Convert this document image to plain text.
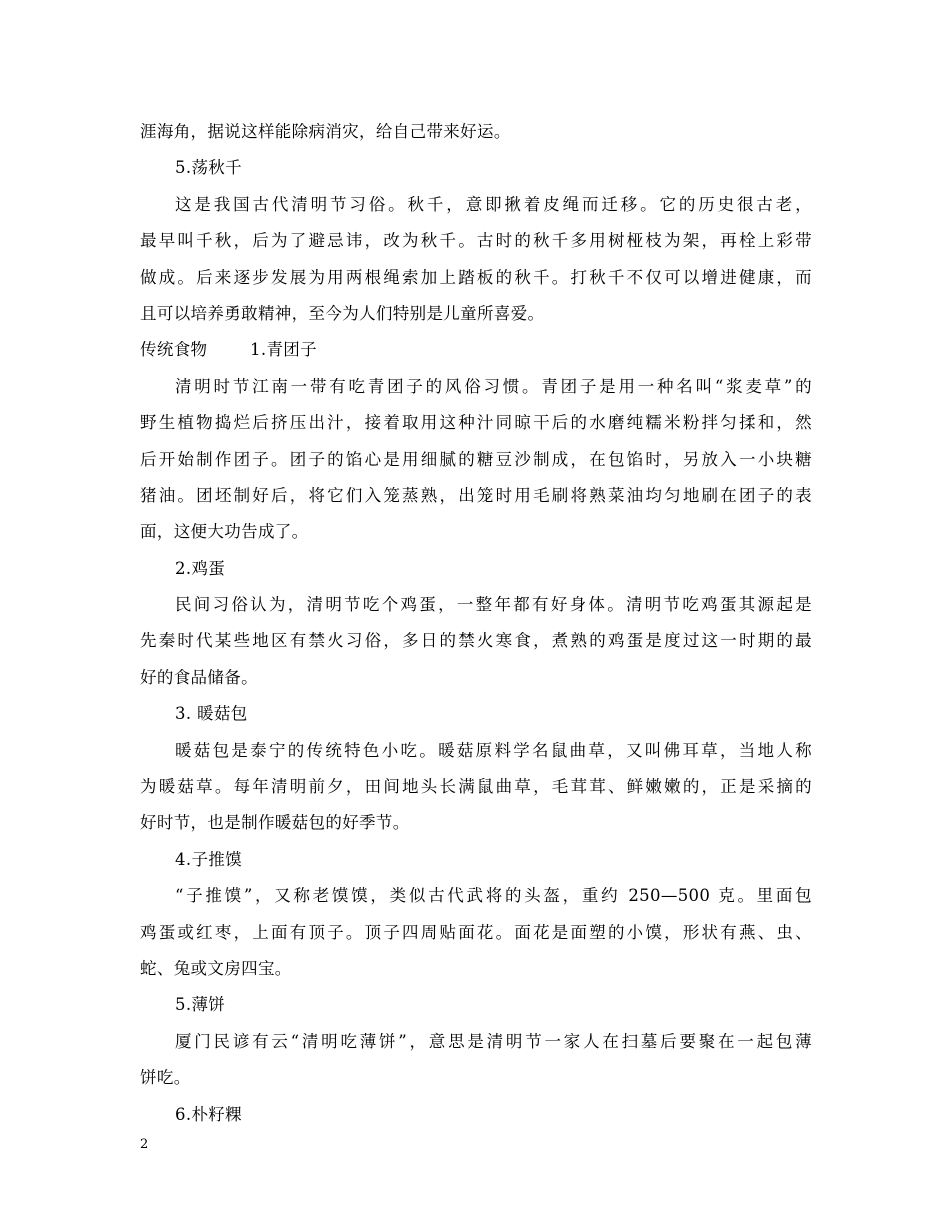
涯海角，据说这样能除病消灾，给自己带来好运。
5.荡秋千
这是我国古代清明节习俗。秋千，意即揪着皮绳而迁移。它的历史很古老，
最早叫千秋，后为了避忌讳，改为秋千。古时的秋千多用树桠枝为架，再栓上彩带
做成。后来逐步发展为用两根绳索加上踏板的秋千。打秋千不仅可以增进健康，而
且可以培养勇敢精神，至今为人们特别是儿童所喜爱。
传统食物	1.青团子
清明时节江南一带有吃青团子的风俗习惯。青团子是用一种名叫“浆麦草”的
野生植物捣烂后挤压出汁，接着取用这种汁同晾干后的水磨纯糯米粉拌匀揉和，然
后开始制作团子。团子的馅心是用细腻的糖豆沙制成，在包馅时，另放入一小块糖
猪油。团坯制好后，将它们入笼蒸熟，出笼时用毛刷将熟菜油均匀地刷在团子的表
面，这便大功告成了。
2.鸡蛋
民间习俗认为，清明节吃个鸡蛋，一整年都有好身体。清明节吃鸡蛋其源起是
先秦时代某些地区有禁火习俗，多日的禁火寒食，煮熟的鸡蛋是度过这一时期的最
好的食品储备。
3. 暖菇包
暖菇包是泰宁的传统特色小吃。暖菇原料学名鼠曲草，又叫佛耳草，当地人称
为暖菇草。每年清明前夕，田间地头长满鼠曲草，毛茸茸、鲜嫩嫩的，正是采摘的
好时节，也是制作暖菇包的好季节。
4.子推馍
“子推馍”，又称老馍馍，类似古代武将的头盔，重约 250—500 克。里面包
鸡蛋或红枣，上面有顶子。顶子四周贴面花。面花是面塑的小馍，形状有燕、虫、
蛇、兔或文房四宝。
5.薄饼
厦门民谚有云“清明吃薄饼”，意思是清明节一家人在扫墓后要聚在一起包薄
饼吃。
6.朴籽粿
2
